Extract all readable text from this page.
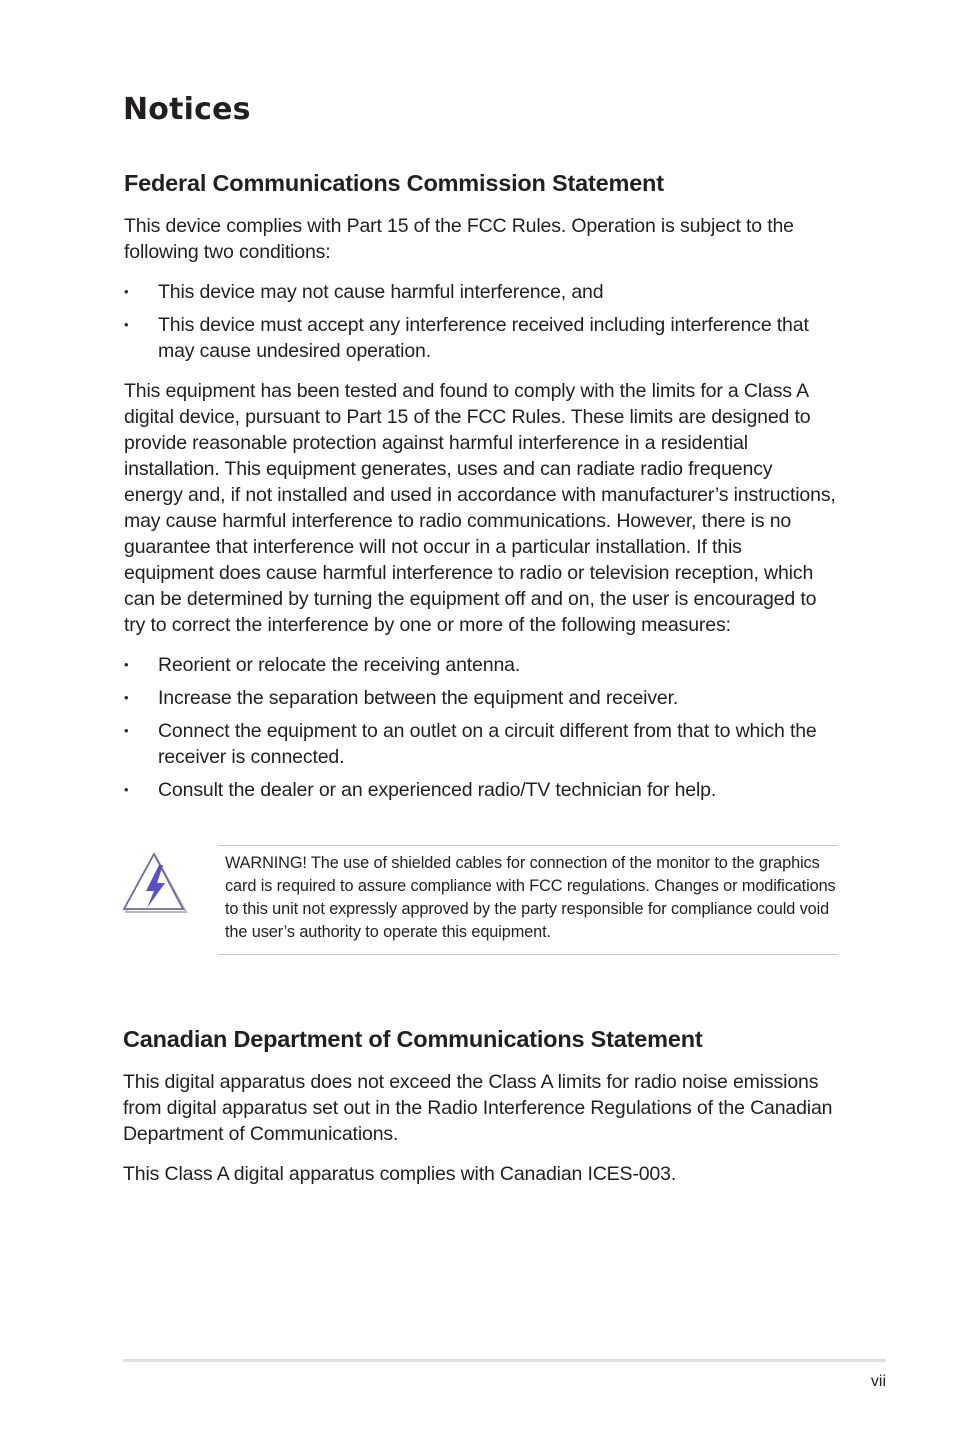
Notices
Federal Communications Commission Statement

This device complies with Part 15 of the FCC Rules. Operation is subject to the following two conditions:

• This device may not cause harmful interference, and
• This device must accept any interference received including interference that may cause undesired operation.

This equipment has been tested and found to comply with the limits for a Class A digital device, pursuant to Part 15 of the FCC Rules. These limits are designed to provide reasonable protection against harmful interference in a residential installation. This equipment generates, uses and can radiate radio frequency energy and, if not installed and used in accordance with manufacturer’s instructions, may cause harmful interference to radio communications. However, there is no guarantee that interference will not occur in a particular installation. If this equipment does cause harmful interference to radio or television reception, which can be determined by turning the equipment off and on, the user is encouraged to try to correct the interference by one or more of the following measures:

• Reorient or relocate the receiving antenna.
• Increase the separation between the equipment and receiver.
• Connect the equipment to an outlet on a circuit different from that to which the receiver is connected.
• Consult the dealer or an experienced radio/TV technician for help.

WARNING! The use of shielded cables for connection of the monitor to the graphics card is required to assure compliance with FCC regulations. Changes or modifications to this unit not expressly approved by the party responsible for compliance could void the user’s authority to operate this equipment.

Canadian Department of Communications Statement

This digital apparatus does not exceed the Class A limits for radio noise emissions from digital apparatus set out in the Radio Interference Regulations of the Canadian Department of Communications.

This Class A digital apparatus complies with Canadian ICES-003.

vii
